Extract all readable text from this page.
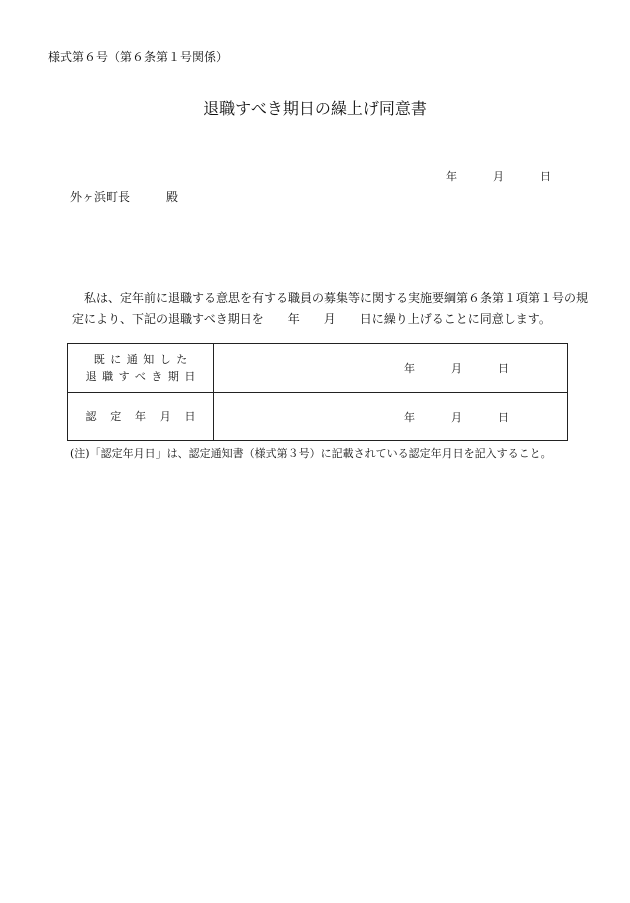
様式第６号（第６条第１号関係）
退職すべき期日の繰上げ同意書
年	月	日
外ヶ浜町長	殿
私は、定年前に退職する意思を有する職員の募集等に関する実施要綱第６条第１項第１号の規
定により、下記の退職すべき期日を 年 月 日に繰り上げることに同意します。
既に通知した
退職すべき期日	年 月 日

認定年月日	年 月 日
(注)「認定年月日」は、認定通知書（様式第３号）に記載されている認定年月日を記入すること。
